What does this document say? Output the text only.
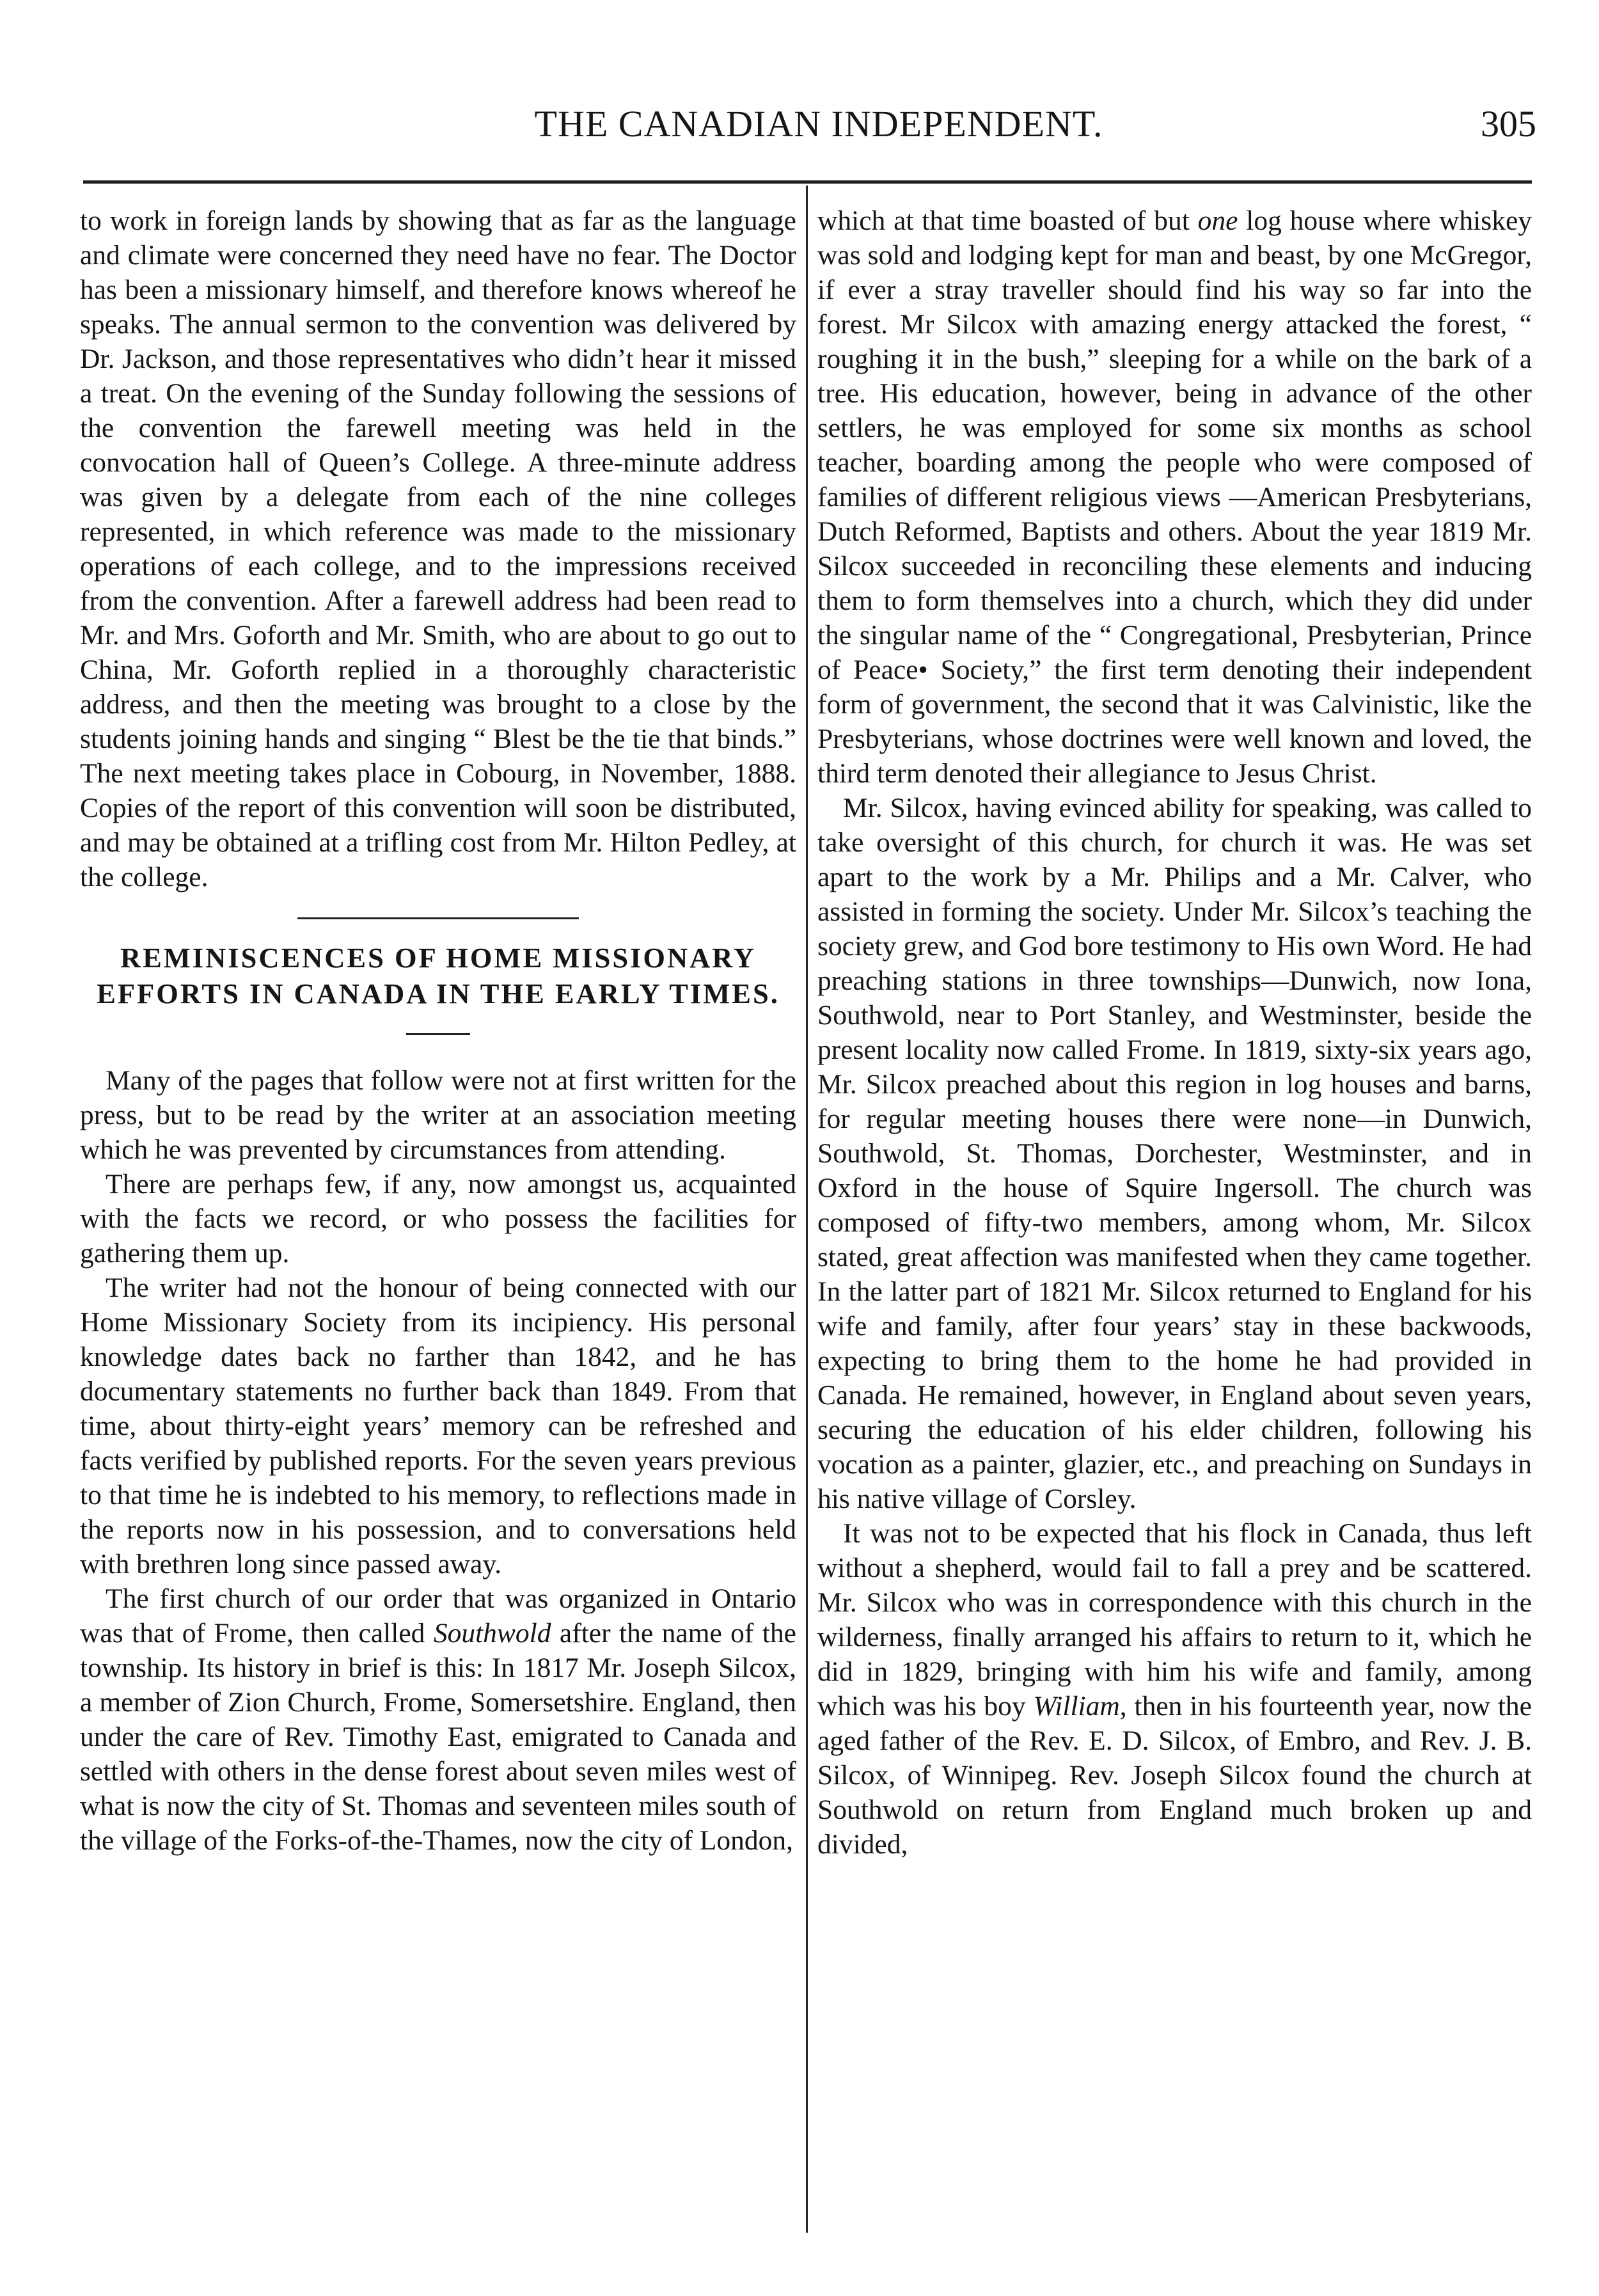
THE CANADIAN INDEPENDENT.	305

to work in foreign lands by showing that as far as the language and climate were concerned they need have no fear. The Doctor has been a missionary himself, and therefore knows whereof he speaks. The annual sermon to the convention was delivered by Dr. Jackson, and those representatives who didn’t hear it missed a treat. On the evening of the Sunday following the sessions of the convention the farewell meeting was held in the convocation hall of Queen’s College. A three-minute address was given by a delegate from each of the nine colleges represented, in which reference was made to the missionary operations of each college, and to the impressions received from the convention. After a farewell address had been read to Mr. and Mrs. Goforth and Mr. Smith, who are about to go out to China, Mr. Goforth replied in a thoroughly characteristic address, and then the meeting was brought to a close by the students joining hands and singing “ Blest be the tie that binds.” The next meeting takes place in Cobourg, in November, 1888. Copies of the report of this convention will soon be distributed, and may be obtained at a trifling cost from Mr. Hilton Pedley, at the college.

REMINISCENCES OF HOME MISSIONARY EFFORTS IN CANADA IN THE EARLY TIMES.

Many of the pages that follow were not at first written for the press, but to be read by the writer at an association meeting which he was prevented by circumstances from attending.

There are perhaps few, if any, now amongst us, acquainted with the facts we record, or who possess the facilities for gathering them up.

The writer had not the honour of being connected with our Home Missionary Society from its incipiency. His personal knowledge dates back no farther than 1842, and he has documentary statements no further back than 1849. From that time, about thirty-eight years’ memory can be refreshed and facts verified by published reports. For the seven years previous to that time he is indebted to his memory, to reflections made in the reports now in his possession, and to conversations held with brethren long since passed away.

The first church of our order that was organized in Ontario was that of Frome, then called Southwold after the name of the township. Its history in brief is this: In 1817 Mr. Joseph Silcox, a member of Zion Church, Frome, Somersetshire. England, then under the care of Rev. Timothy East, emigrated to Canada and settled with others in the dense forest about seven miles west of what is now the city of St. Thomas and seventeen miles south of the village of the Forks-of-the-Thames, now the city of London,

which at that time boasted of but one log house where whiskey was sold and lodging kept for man and beast, by one McGregor, if ever a stray traveller should find his way so far into the forest. Mr Silcox with amazing energy attacked the forest, “ roughing it in the bush,” sleeping for a while on the bark of a tree. His education, however, being in advance of the other settlers, he was employed for some six months as school teacher, boarding among the people who were composed of families of different religious views —American Presbyterians, Dutch Reformed, Baptists and others. About the year 1819 Mr. Silcox succeeded in reconciling these elements and inducing them to form themselves into a church, which they did under the singular name of the “ Congregational, Presbyterian, Prince of Peace• Society,” the first term denoting their independent form of government, the second that it was Calvinistic, like the Presbyterians, whose doctrines were well known and loved, the third term denoted their allegiance to Jesus Christ.

Mr. Silcox, having evinced ability for speaking, was called to take oversight of this church, for church it was. He was set apart to the work by a Mr. Philips and a Mr. Calver, who assisted in forming the society. Under Mr. Silcox’s teaching the society grew, and God bore testimony to His own Word. He had preaching stations in three townships—Dunwich, now Iona, Southwold, near to Port Stanley, and Westminster, beside the present locality now called Frome. In 1819, sixty-six years ago, Mr. Silcox preached about this region in log houses and barns, for regular meeting houses there were none—in Dunwich, Southwold, St. Thomas, Dorchester, Westminster, and in Oxford in the house of Squire Ingersoll. The church was composed of fifty-two members, among whom, Mr. Silcox stated, great affection was manifested when they came together. In the latter part of 1821 Mr. Silcox returned to England for his wife and family, after four years’ stay in these backwoods, expecting to bring them to the home he had provided in Canada. He remained, however, in England about seven years, securing the education of his elder children, following his vocation as a painter, glazier, etc., and preaching on Sundays in his native village of Corsley.

It was not to be expected that his flock in Canada, thus left without a shepherd, would fail to fall a prey and be scattered. Mr. Silcox who was in correspondence with this church in the wilderness, finally arranged his affairs to return to it, which he did in 1829, bringing with him his wife and family, among which was his boy William, then in his fourteenth year, now the aged father of the Rev. E. D. Silcox, of Embro, and Rev. J. B. Silcox, of Winnipeg. Rev. Joseph Silcox found the church at Southwold on return from England much broken up and divided,
